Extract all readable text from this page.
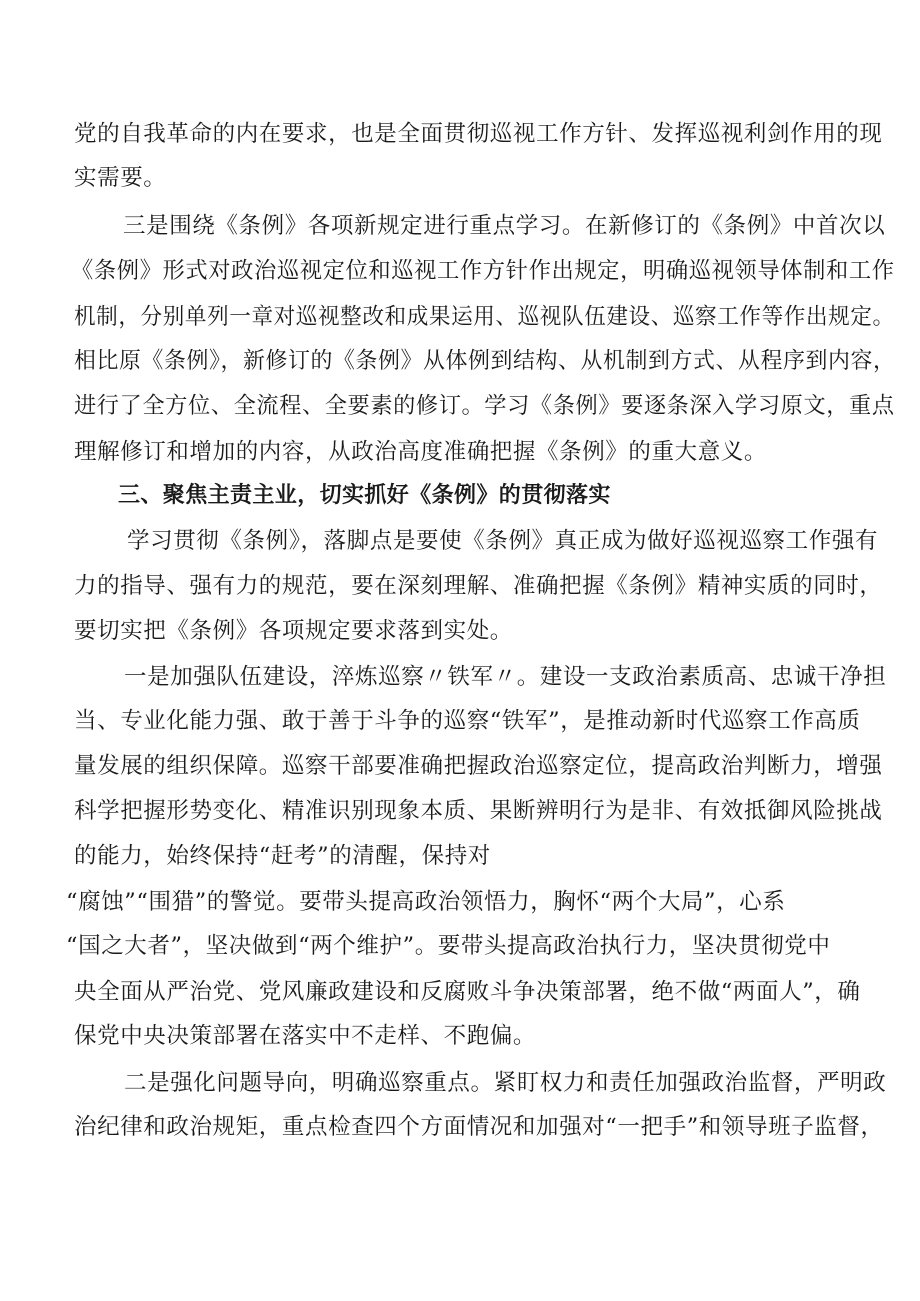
党的自我革命的内在要求，也是全面贯彻巡视工作方针、发挥巡视利剑作用的现
实需要。
三是围绕《条例》各项新规定进行重点学习。在新修订的《条例》中首次以
《条例》形式对政治巡视定位和巡视工作方针作出规定，明确巡视领导体制和工作
机制，分别单列一章对巡视整改和成果运用、巡视队伍建设、巡察工作等作出规定。
相比原《条例》，新修订的《条例》从体例到结构、从机制到方式、从程序到内容，
进行了全方位、全流程、全要素的修订。学习《条例》要逐条深入学习原文，重点
理解修订和增加的内容，从政治高度准确把握《条例》的重大意义。
三、聚焦主责主业，切实抓好《条例》的贯彻落实
学习贯彻《条例》，落脚点是要使《条例》真正成为做好巡视巡察工作强有
力的指导、强有力的规范，要在深刻理解、准确把握《条例》精神实质的同时，
要切实把《条例》各项规定要求落到实处。
一是加强队伍建设，淬炼巡察〃铁军〃。建设一支政治素质高、忠诚干净担
当、专业化能力强、敢于善于斗争的巡察“铁军”，是推动新时代巡察工作高质
量发展的组织保障。巡察干部要准确把握政治巡察定位，提高政治判断力，增强
科学把握形势变化、精准识别现象本质、果断辨明行为是非、有效抵御风险挑战
的能力，始终保持“赶考”的清醒，保持对
“腐蚀”“围猎”的警觉。要带头提高政治领悟力，胸怀“两个大局”，心系
“国之大者”，坚决做到“两个维护”。要带头提高政治执行力，坚决贯彻党中
央全面从严治党、党风廉政建设和反腐败斗争决策部署，绝不做“两面人”，确
保党中央决策部署在落实中不走样、不跑偏。
二是强化问题导向，明确巡察重点。紧盯权力和责任加强政治监督，严明政
治纪律和政治规矩，重点检查四个方面情况和加强对“一把手”和领导班子监督，
